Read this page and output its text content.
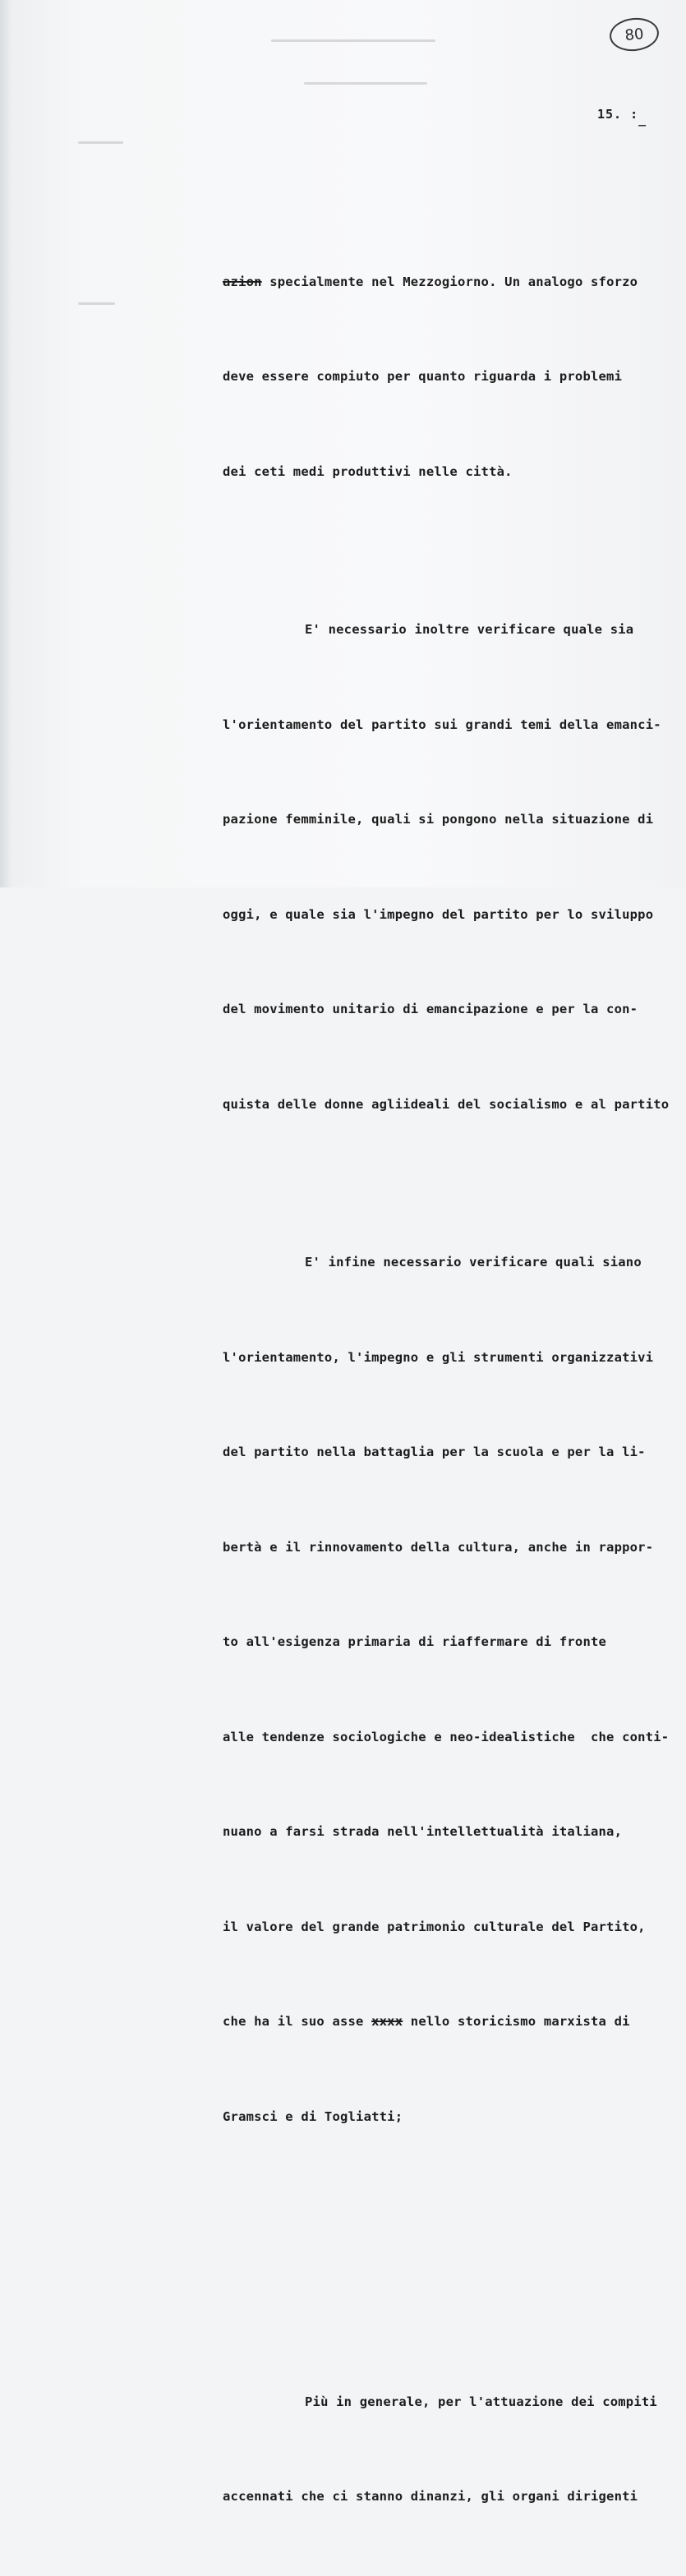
80
15. :_

azion specialmente nel Mezzogiorno. Un analogo sforzo

deve essere compiuto per quanto riguarda i problemi

dei ceti medi produttivi nelle città.

E' necessario inoltre verificare quale sia

l'orientamento del partito sui grandi temi della emanci-

pazione femminile, quali si pongono nella situazione di

oggi, e quale sia l'impegno del partito per lo sviluppo

del movimento unitario di emancipazione e per la con-

quista delle donne agliideali del socialismo e al partito

E' infine necessario verificare quali siano

l'orientamento, l'impegno e gli strumenti organizzativi

del partito nella battaglia per la scuola e per la li-

bertà e il rinnovamento della cultura, anche in rappor-

to all'esigenza primaria di riaffermare di fronte

alle tendenze sociologiche e neo-idealistiche  che conti-

nuano a farsi strada nell'intellettualità italiana,

il valore del grande patrimonio culturale del Partito,

che ha il suo asse xxxx nello storicismo marxista di

Gramsci e di Togliatti;

Più in generale, per l'attuazione dei compiti

accennati che ci stanno dinanzi, gli organi dirigenti
